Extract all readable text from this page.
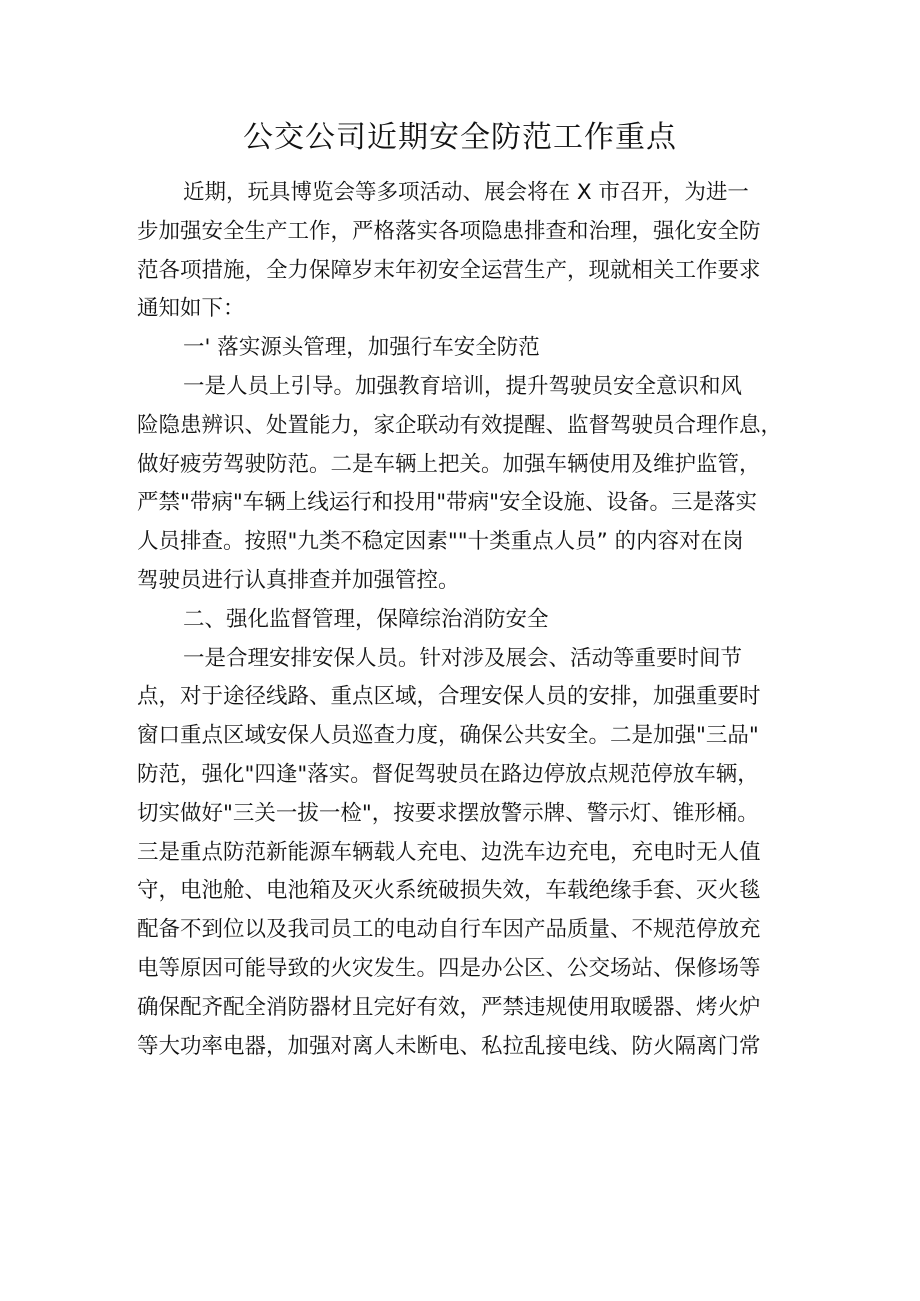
公交公司近期安全防范工作重点
近期，玩具博览会等多项活动、展会将在 X 市召开，为进一
步加强安全生产工作，严格落实各项隐患排查和治理，强化安全防
范各项措施，全力保障岁末年初安全运营生产，现就相关工作要求
通知如下：
一' 落实源头管理，加强行车安全防范
一是人员上引导。加强教育培训，提升驾驶员安全意识和风
险隐患辨识、处置能力，家企联动有效提醒、监督驾驶员合理作息，
做好疲劳驾驶防范。二是车辆上把关。加强车辆使用及维护监管，
严禁"带病"车辆上线运行和投用"带病"安全设施、设备。三是落实
人员排查。按照"九类不稳定因素""十类重点人员” 的内容对在岗
驾驶员进行认真排查并加强管控。
二、强化监督管理，保障综治消防安全
一是合理安排安保人员。针对涉及展会、活动等重要时间节
点，对于途径线路、重点区域，合理安保人员的安排，加强重要时
窗口重点区域安保人员巡查力度，确保公共安全。二是加强"三品"
防范，强化"四逢"落实。督促驾驶员在路边停放点规范停放车辆，
切实做好"三关一拔一检"，按要求摆放警示牌、警示灯、锥形桶。
三是重点防范新能源车辆载人充电、边洗车边充电，充电时无人值
守，电池舱、电池箱及灭火系统破损失效，车载绝缘手套、灭火毯
配备不到位以及我司员工的电动自行车因产品质量、不规范停放充
电等原因可能导致的火灾发生。四是办公区、公交场站、保修场等
确保配齐配全消防器材且完好有效，严禁违规使用取暖器、烤火炉
等大功率电器，加强对离人未断电、私拉乱接电线、防火隔离门常
